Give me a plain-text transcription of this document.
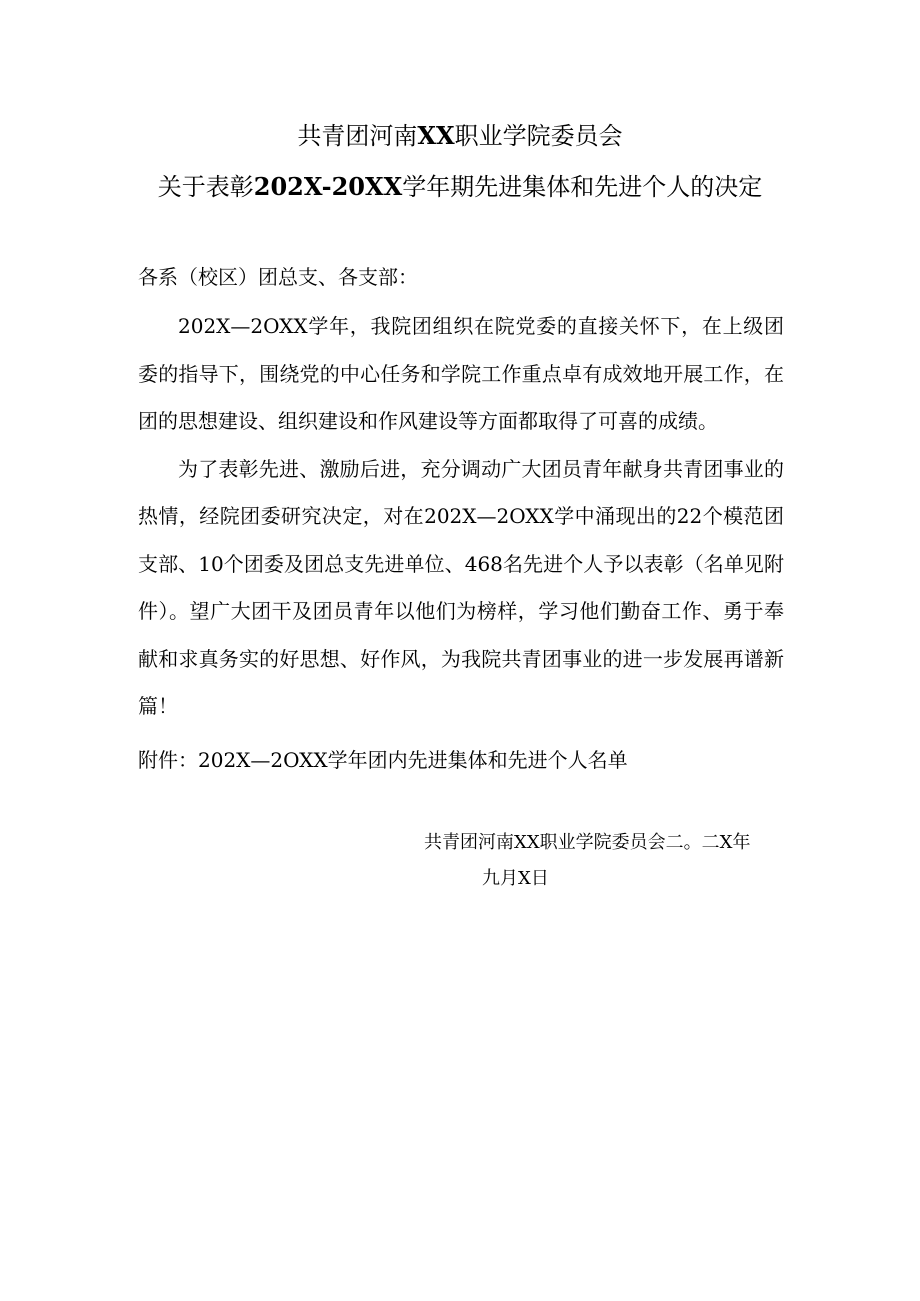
共青团河南XX职业学院委员会
关于表彰202X-20XX学年期先进集体和先进个人的决定
各系（校区）团总支、各支部：

202X—2OXX学年，我院团组织在院党委的直接关怀下，在上级团委的指导下，围绕党的中心任务和学院工作重点卓有成效地开展工作，在团的思想建设、组织建设和作风建设等方面都取得了可喜的成绩。

为了表彰先进、激励后进，充分调动广大团员青年献身共青团事业的热情，经院团委研究决定，对在202X—2OXX学中涌现出的22个模范团支部、10个团委及团总支先进单位、468名先进个人予以表彰（名单见附件）。望广大团干及团员青年以他们为榜样，学习他们勤奋工作、勇于奉献和求真务实的好思想、好作风，为我院共青团事业的进一步发展再谱新篇！

附件：202X—2OXX学年团内先进集体和先进个人名单
共青团河南XX职业学院委员会二。二X年
九月X日
